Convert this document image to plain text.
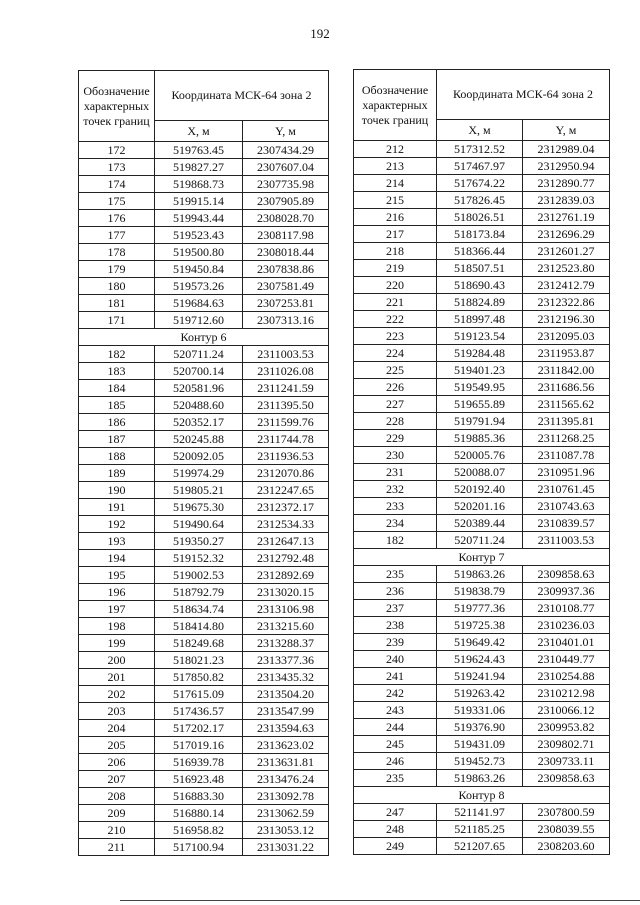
192
Обозначение характерных точек границ	Координата МСК-64 зона 2	
	X, м	Y, м
172	519763.45	2307434.29
173	519827.27	2307607.04
174	519868.73	2307735.98
175	519915.14	2307905.89
176	519943.44	2308028.70
177	519523.43	2308117.98
178	519500.80	2308018.44
179	519450.84	2307838.86
180	519573.26	2307581.49
181	519684.63	2307253.81
171	519712.60	2307313.16
Контур 6		
182	520711.24	2311003.53
183	520700.14	2311026.08
184	520581.96	2311241.59
185	520488.60	2311395.50
186	520352.17	2311599.76
187	520245.88	2311744.78
188	520092.05	2311936.53
189	519974.29	2312070.86
190	519805.21	2312247.65
191	519675.30	2312372.17
192	519490.64	2312534.33
193	519350.27	2312647.13
194	519152.32	2312792.48
195	519002.53	2312892.69
196	518792.79	2313020.15
197	518634.74	2313106.98
198	518414.80	2313215.60
199	518249.68	2313288.37
200	518021.23	2313377.36
201	517850.82	2313435.32
202	517615.09	2313504.20
203	517436.57	2313547.99
204	517202.17	2313594.63
205	517019.16	2313623.02
206	516939.78	2313631.81
207	516923.48	2313476.24
208	516883.30	2313092.78
209	516880.14	2313062.59
210	516958.82	2313053.12
211	517100.94	2313031.22
Обозначение характерных точек границ	Координата МСК-64 зона 2	
	X, м	Y, м
212	517312.52	2312989.04
213	517467.97	2312950.94
214	517674.22	2312890.77
215	517826.45	2312839.03
216	518026.51	2312761.19
217	518173.84	2312696.29
218	518366.44	2312601.27
219	518507.51	2312523.80
220	518690.43	2312412.79
221	518824.89	2312322.86
222	518997.48	2312196.30
223	519123.54	2312095.03
224	519284.48	2311953.87
225	519401.23	2311842.00
226	519549.95	2311686.56
227	519655.89	2311565.62
228	519791.94	2311395.81
229	519885.36	2311268.25
230	520005.76	2311087.78
231	520088.07	2310951.96
232	520192.40	2310761.45
233	520201.16	2310743.63
234	520389.44	2310839.57
182	520711.24	2311003.53
Контур 7		
235	519863.26	2309858.63
236	519838.79	2309937.36
237	519777.36	2310108.77
238	519725.38	2310236.03
239	519649.42	2310401.01
240	519624.43	2310449.77
241	519241.94	2310254.88
242	519263.42	2310212.98
243	519331.06	2310066.12
244	519376.90	2309953.82
245	519431.09	2309802.71
246	519452.73	2309733.11
235	519863.26	2309858.63
Контур 8		
247	521141.97	2307800.59
248	521185.25	2308039.55
249	521207.65	2308203.60
